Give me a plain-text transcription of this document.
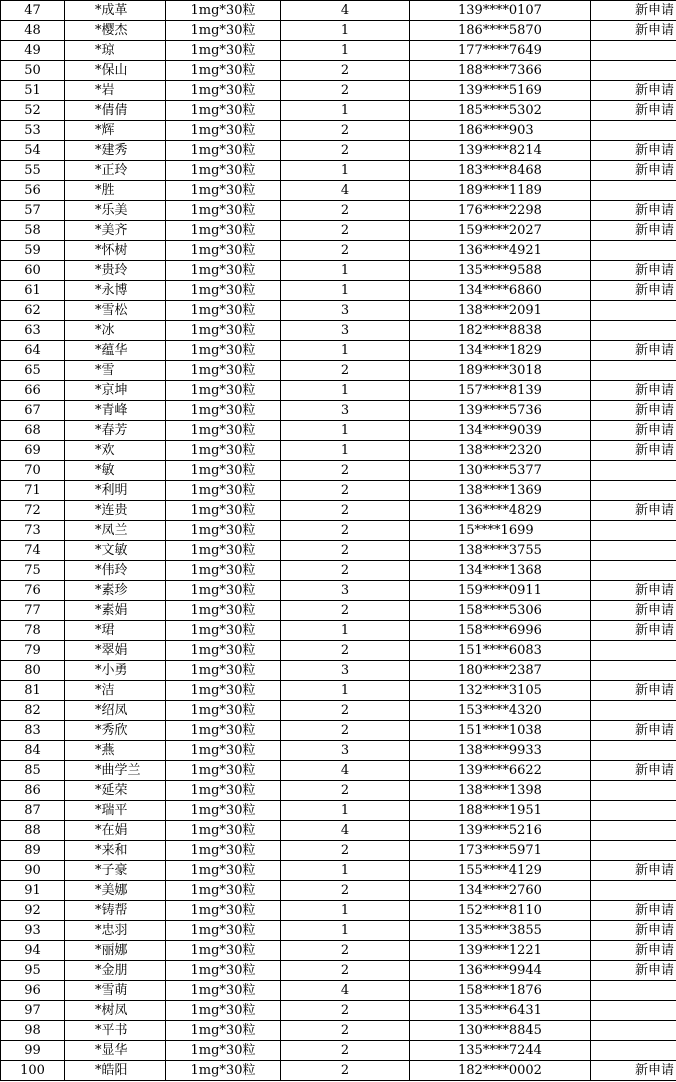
47	*成革	1mg*30粒	4	139****0107	新申请
48	*樱杰	1mg*30粒	1	186****5870	新申请
49	*琼	1mg*30粒	1	177****7649	
50	*保山	1mg*30粒	2	188****7366	
51	*岩	1mg*30粒	2	139****5169	新申请
52	*倩倩	1mg*30粒	1	185****5302	新申请
53	*辉	1mg*30粒	2	186****903	
54	*建秀	1mg*30粒	2	139****8214	新申请
55	*正玲	1mg*30粒	1	183****8468	新申请
56	*胜	1mg*30粒	4	189****1189	
57	*乐美	1mg*30粒	2	176****2298	新申请
58	*美齐	1mg*30粒	2	159****2027	新申请
59	*怀树	1mg*30粒	2	136****4921	
60	*贵玲	1mg*30粒	1	135****9588	新申请
61	*永博	1mg*30粒	1	134****6860	新申请
62	*雪松	1mg*30粒	3	138****2091	
63	*冰	1mg*30粒	3	182****8838	
64	*蕴华	1mg*30粒	1	134****1829	新申请
65	*雪	1mg*30粒	2	189****3018	
66	*京坤	1mg*30粒	1	157****8139	新申请
67	*青峰	1mg*30粒	3	139****5736	新申请
68	*春芳	1mg*30粒	1	134****9039	新申请
69	*欢	1mg*30粒	1	138****2320	新申请
70	*敏	1mg*30粒	2	130****5377	
71	*利明	1mg*30粒	2	138****1369	
72	*连贵	1mg*30粒	2	136****4829	新申请
73	*凤兰	1mg*30粒	2	15****1699	
74	*文敏	1mg*30粒	2	138****3755	
75	*伟玲	1mg*30粒	2	134****1368	
76	*素珍	1mg*30粒	3	159****0911	新申请
77	*素娟	1mg*30粒	2	158****5306	新申请
78	*珺	1mg*30粒	1	158****6996	新申请
79	*翠娟	1mg*30粒	2	151****6083	
80	*小勇	1mg*30粒	3	180****2387	
81	*洁	1mg*30粒	1	132****3105	新申请
82	*绍凤	1mg*30粒	2	153****4320	
83	*秀欣	1mg*30粒	2	151****1038	新申请
84	*燕	1mg*30粒	3	138****9933	
85	*曲学兰	1mg*30粒	4	139****6622	新申请
86	*延荣	1mg*30粒	2	138****1398	
87	*瑞平	1mg*30粒	1	188****1951	
88	*在娟	1mg*30粒	4	139****5216	
89	*来和	1mg*30粒	2	173****5971	
90	*子豪	1mg*30粒	1	155****4129	新申请
91	*美娜	1mg*30粒	2	134****2760	
92	*铸帮	1mg*30粒	1	152****8110	新申请
93	*忠羽	1mg*30粒	1	135****3855	新申请
94	*丽娜	1mg*30粒	2	139****1221	新申请
95	*金朋	1mg*30粒	2	136****9944	新申请
96	*雪萌	1mg*30粒	4	158****1876	
97	*树凤	1mg*30粒	2	135****6431	
98	*平书	1mg*30粒	2	130****8845	
99	*显华	1mg*30粒	2	135****7244	
100	*皓阳	1mg*30粒	2	182****0002	新申请
